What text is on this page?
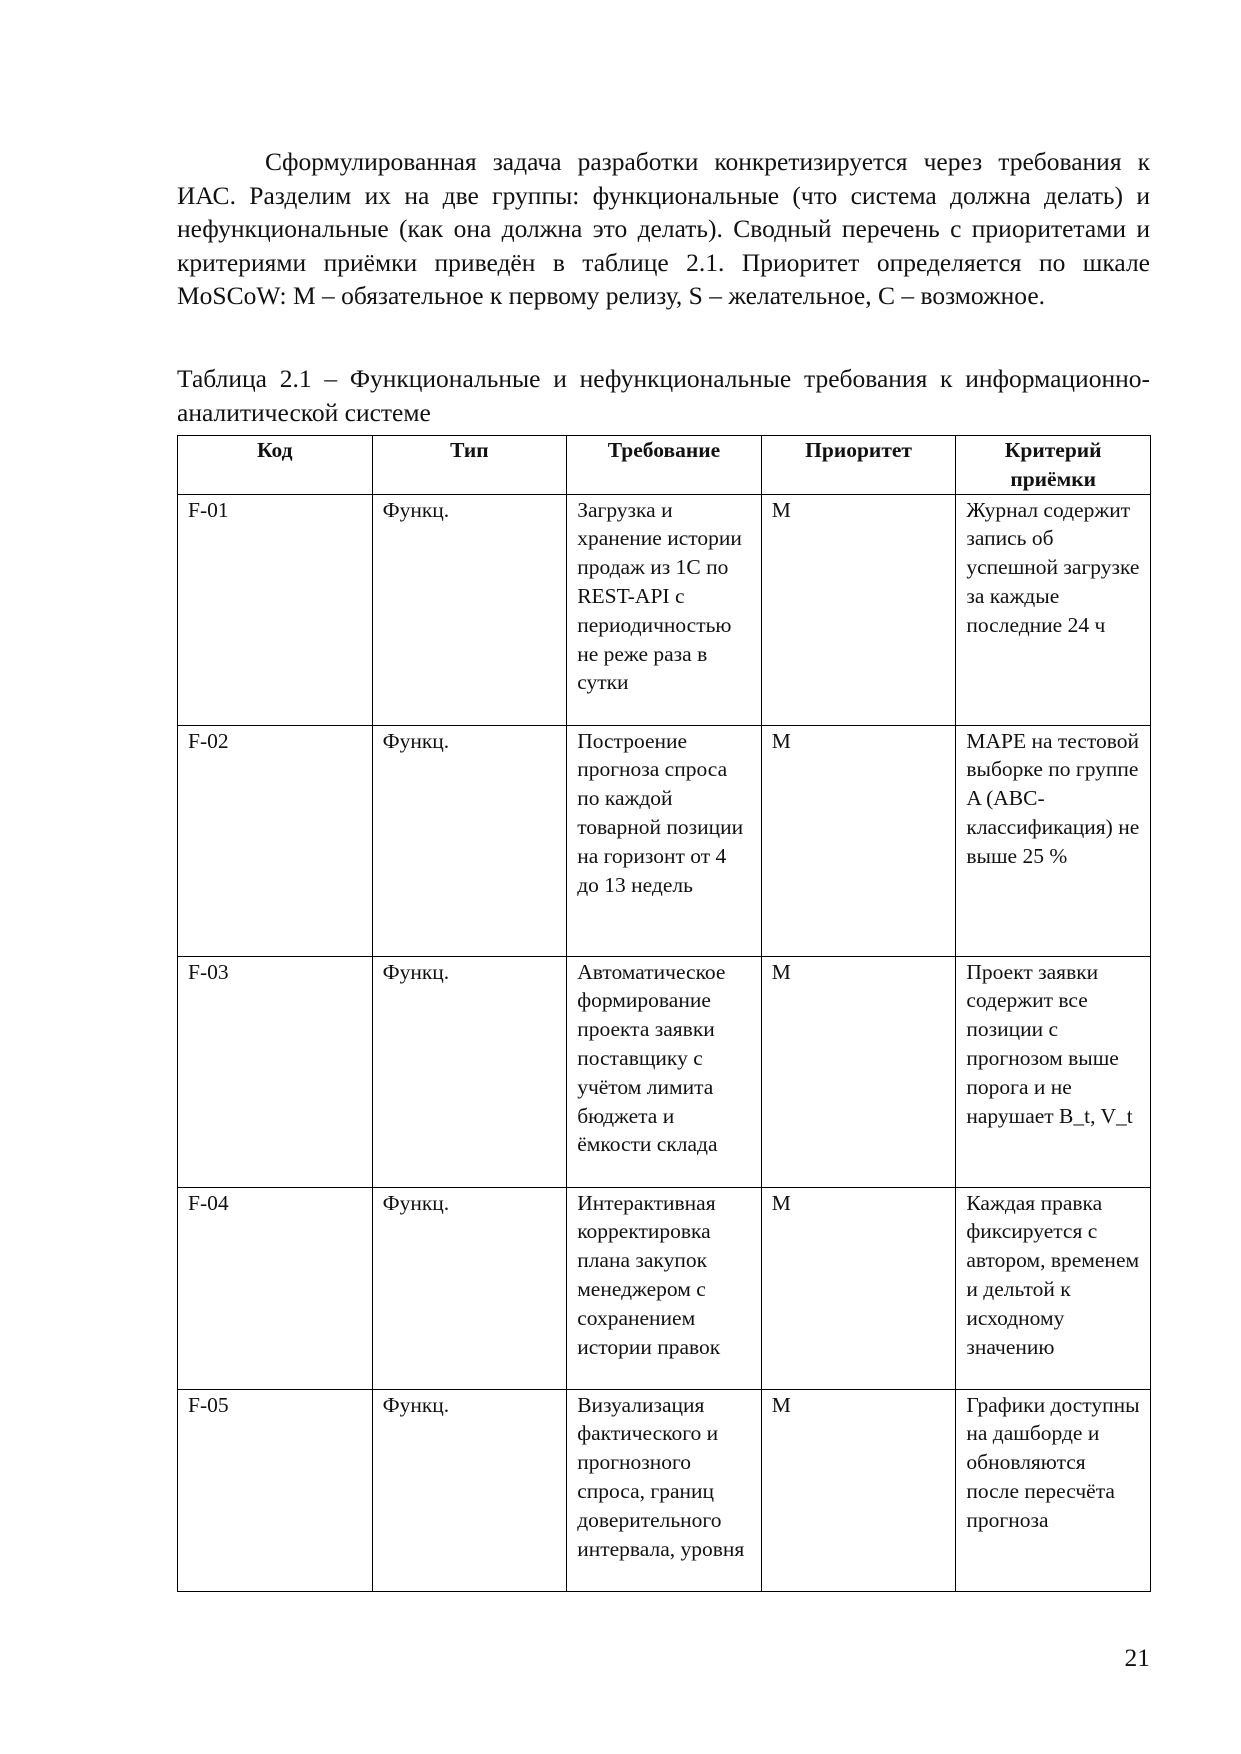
Сформулированная задача разработки конкретизируется через требования к ИАС. Разделим их на две группы: функциональные (что система должна делать) и нефункциональные (как она должна это делать). Сводный перечень с приоритетами и критериями приёмки приведён в таблице 2.1. Приоритет определяется по шкале MoSCoW: M – обязательное к первому релизу, S – желательное, C – возможное.

Таблица 2.1 – Функциональные и нефункциональные требования к информационно-аналитической системе

Код	Тип	Требование	Приоритет	Критерий приёмки
F-01	Функц.	Загрузка и хранение истории продаж из 1С по REST-API с периодичностью не реже раза в сутки	M	Журнал содержит запись об успешной загрузке за каждые последние 24 ч
F-02	Функц.	Построение прогноза спроса по каждой товарной позиции на горизонт от 4 до 13 недель	M	MAPE на тестовой выборке по группе A (ABC-классификация) не выше 25 %
F-03	Функц.	Автоматическое формирование проекта заявки поставщику с учётом лимита бюджета и ёмкости склада	M	Проект заявки содержит все позиции с прогнозом выше порога и не нарушает B_t, V_t
F-04	Функц.	Интерактивная корректировка плана закупок менеджером с сохранением истории правок	M	Каждая правка фиксируется с автором, временем и дельтой к исходному значению
F-05	Функц.	Визуализация фактического и прогнозного спроса, границ доверительного интервала, уровня	M	Графики доступны на дашборде и обновляются после пересчёта прогноза
21
